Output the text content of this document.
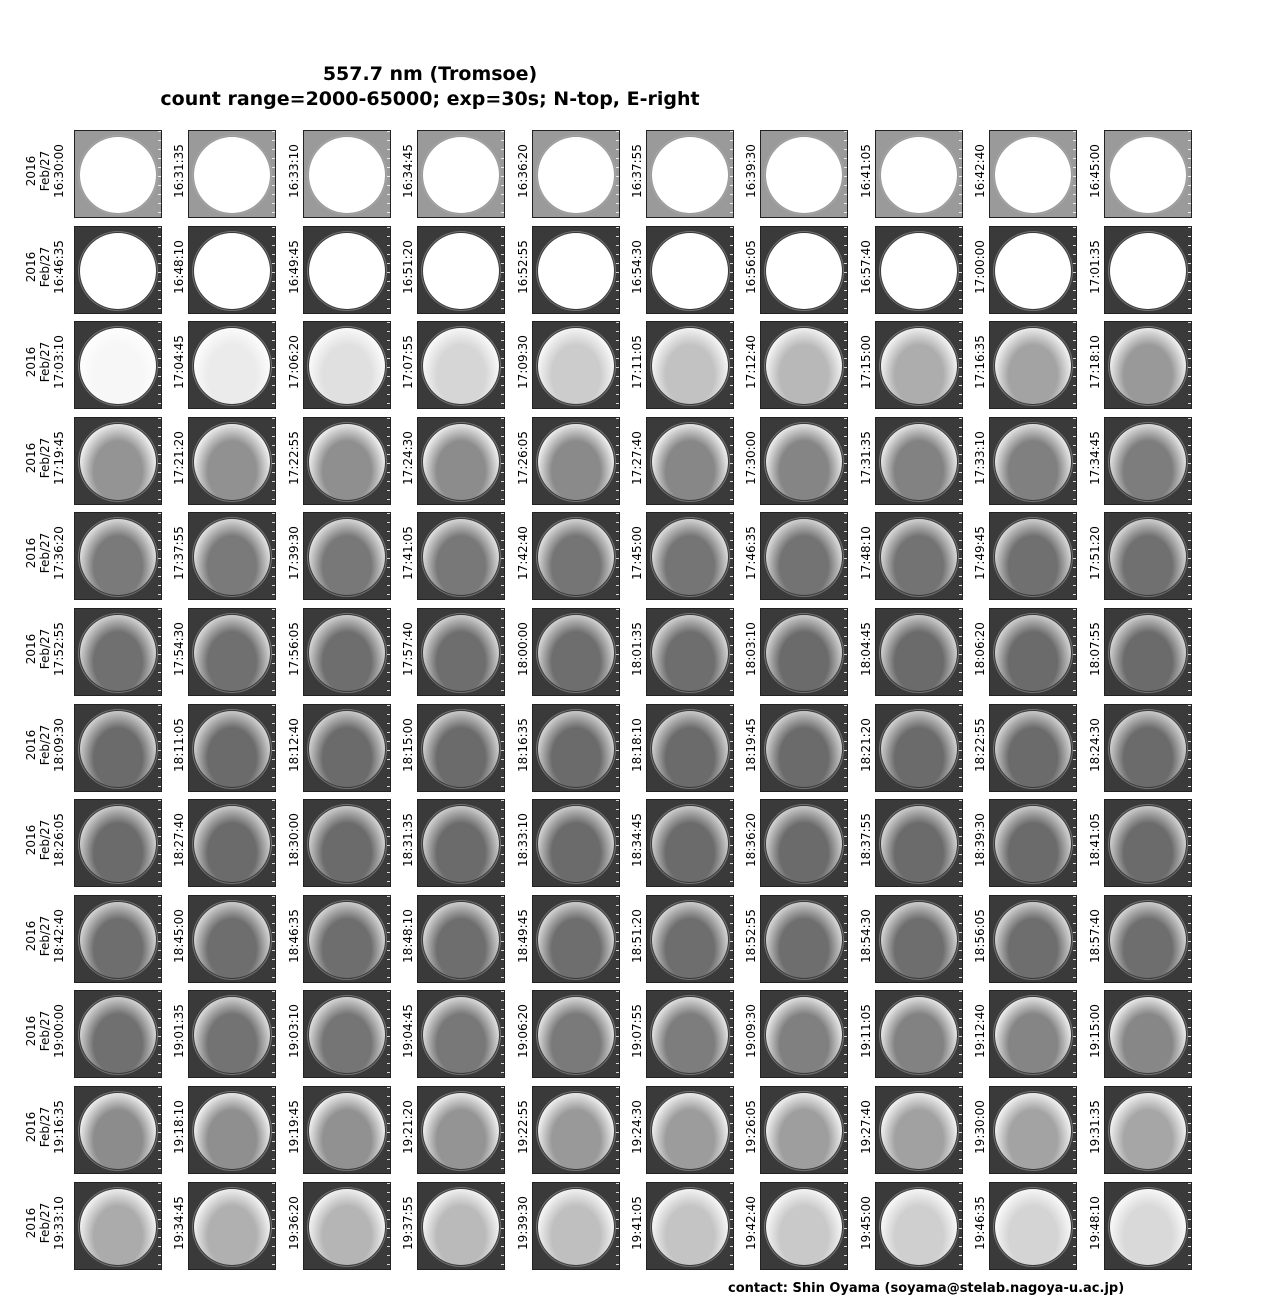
557.7 nm (Tromsoe)
count range=2000-65000; exp=30s; N-top, E-right
2016 Feb/27 16:30:00	16:31:35	16:33:10	16:34:45	16:36:20	16:37:55	16:39:30	16:41:05	16:42:40	16:45:00
2016 Feb/27 16:46:35	16:48:10	16:49:45	16:51:20	16:52:55	16:54:30	16:56:05	16:57:40	17:00:00	17:01:35
2016 Feb/27 17:03:10	17:04:45	17:06:20	17:07:55	17:09:30	17:11:05	17:12:40	17:15:00	17:16:35	17:18:10
2016 Feb/27 17:19:45	17:21:20	17:22:55	17:24:30	17:26:05	17:27:40	17:30:00	17:31:35	17:33:10	17:34:45
2016 Feb/27 17:36:20	17:37:55	17:39:30	17:41:05	17:42:40	17:45:00	17:46:35	17:48:10	17:49:45	17:51:20
2016 Feb/27 17:52:55	17:54:30	17:56:05	17:57:40	18:00:00	18:01:35	18:03:10	18:04:45	18:06:20	18:07:55
2016 Feb/27 18:09:30	18:11:05	18:12:40	18:15:00	18:16:35	18:18:10	18:19:45	18:21:20	18:22:55	18:24:30
2016 Feb/27 18:26:05	18:27:40	18:30:00	18:31:35	18:33:10	18:34:45	18:36:20	18:37:55	18:39:30	18:41:05
2016 Feb/27 18:42:40	18:45:00	18:46:35	18:48:10	18:49:45	18:51:20	18:52:55	18:54:30	18:56:05	18:57:40
2016 Feb/27 19:00:00	19:01:35	19:03:10	19:04:45	19:06:20	19:07:55	19:09:30	19:11:05	19:12:40	19:15:00
2016 Feb/27 19:16:35	19:18:10	19:19:45	19:21:20	19:22:55	19:24:30	19:26:05	19:27:40	19:30:00	19:31:35
2016 Feb/27 19:33:10	19:34:45	19:36:20	19:37:55	19:39:30	19:41:05	19:42:40	19:45:00	19:46:35	19:48:10
contact: Shin Oyama (soyama@stelab.nagoya-u.ac.jp)
